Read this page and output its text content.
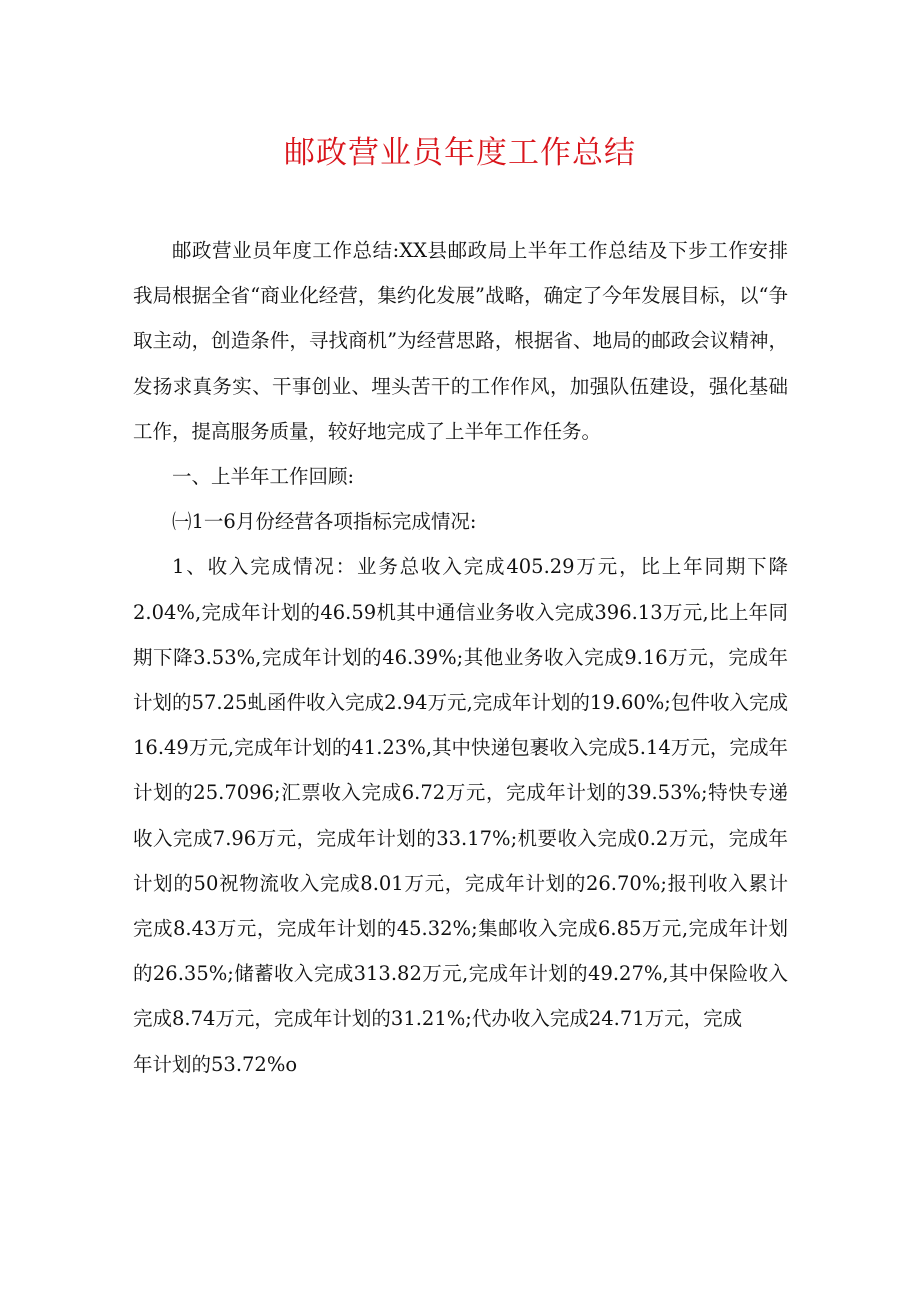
邮政营业员年度工作总结

邮政营业员年度工作总结:XX县邮政局上半年工作总结及下步工作安排我局根据全省“商业化经营，集约化发展”战略，确定了今年发展目标，以“争取主动，创造条件，寻找商机”为经营思路，根据省、地局的邮政会议精神，发扬求真务实、干事创业、埋头苦干的工作作风，加强队伍建设，强化基础工作，提高服务质量，较好地完成了上半年工作任务。

一、上半年工作回顾:

㈠1一6月份经营各项指标完成情况:

1、收入完成情况：业务总收入完成405.29万元，比上年同期下降2.04%,完成年计划的46.59机其中通信业务收入完成396.13万元,比上年同期下降3.53%,完成年计划的46.39%;其他业务收入完成9.16万元，完成年计划的57.25虬函件收入完成2.94万元,完成年计划的19.60%;包件收入完成16.49万元,完成年计划的41.23%,其中快递包裹收入完成5.14万元，完成年计划的25.7096;汇票收入完成6.72万元，完成年计划的39.53%;特快专递收入完成7.96万元，完成年计划的33.17%;机要收入完成0.2万元，完成年计划的50祝物流收入完成8.01万元，完成年计划的26.70%;报刊收入累计完成8.43万元，完成年计划的45.32%;集邮收入完成6.85万元,完成年计划的26.35%;储蓄收入完成313.82万元,完成年计划的49.27%,其中保险收入完成8.74万元，完成年计划的31.21%;代办收入完成24.71万元，完成

年计划的53.72%o
